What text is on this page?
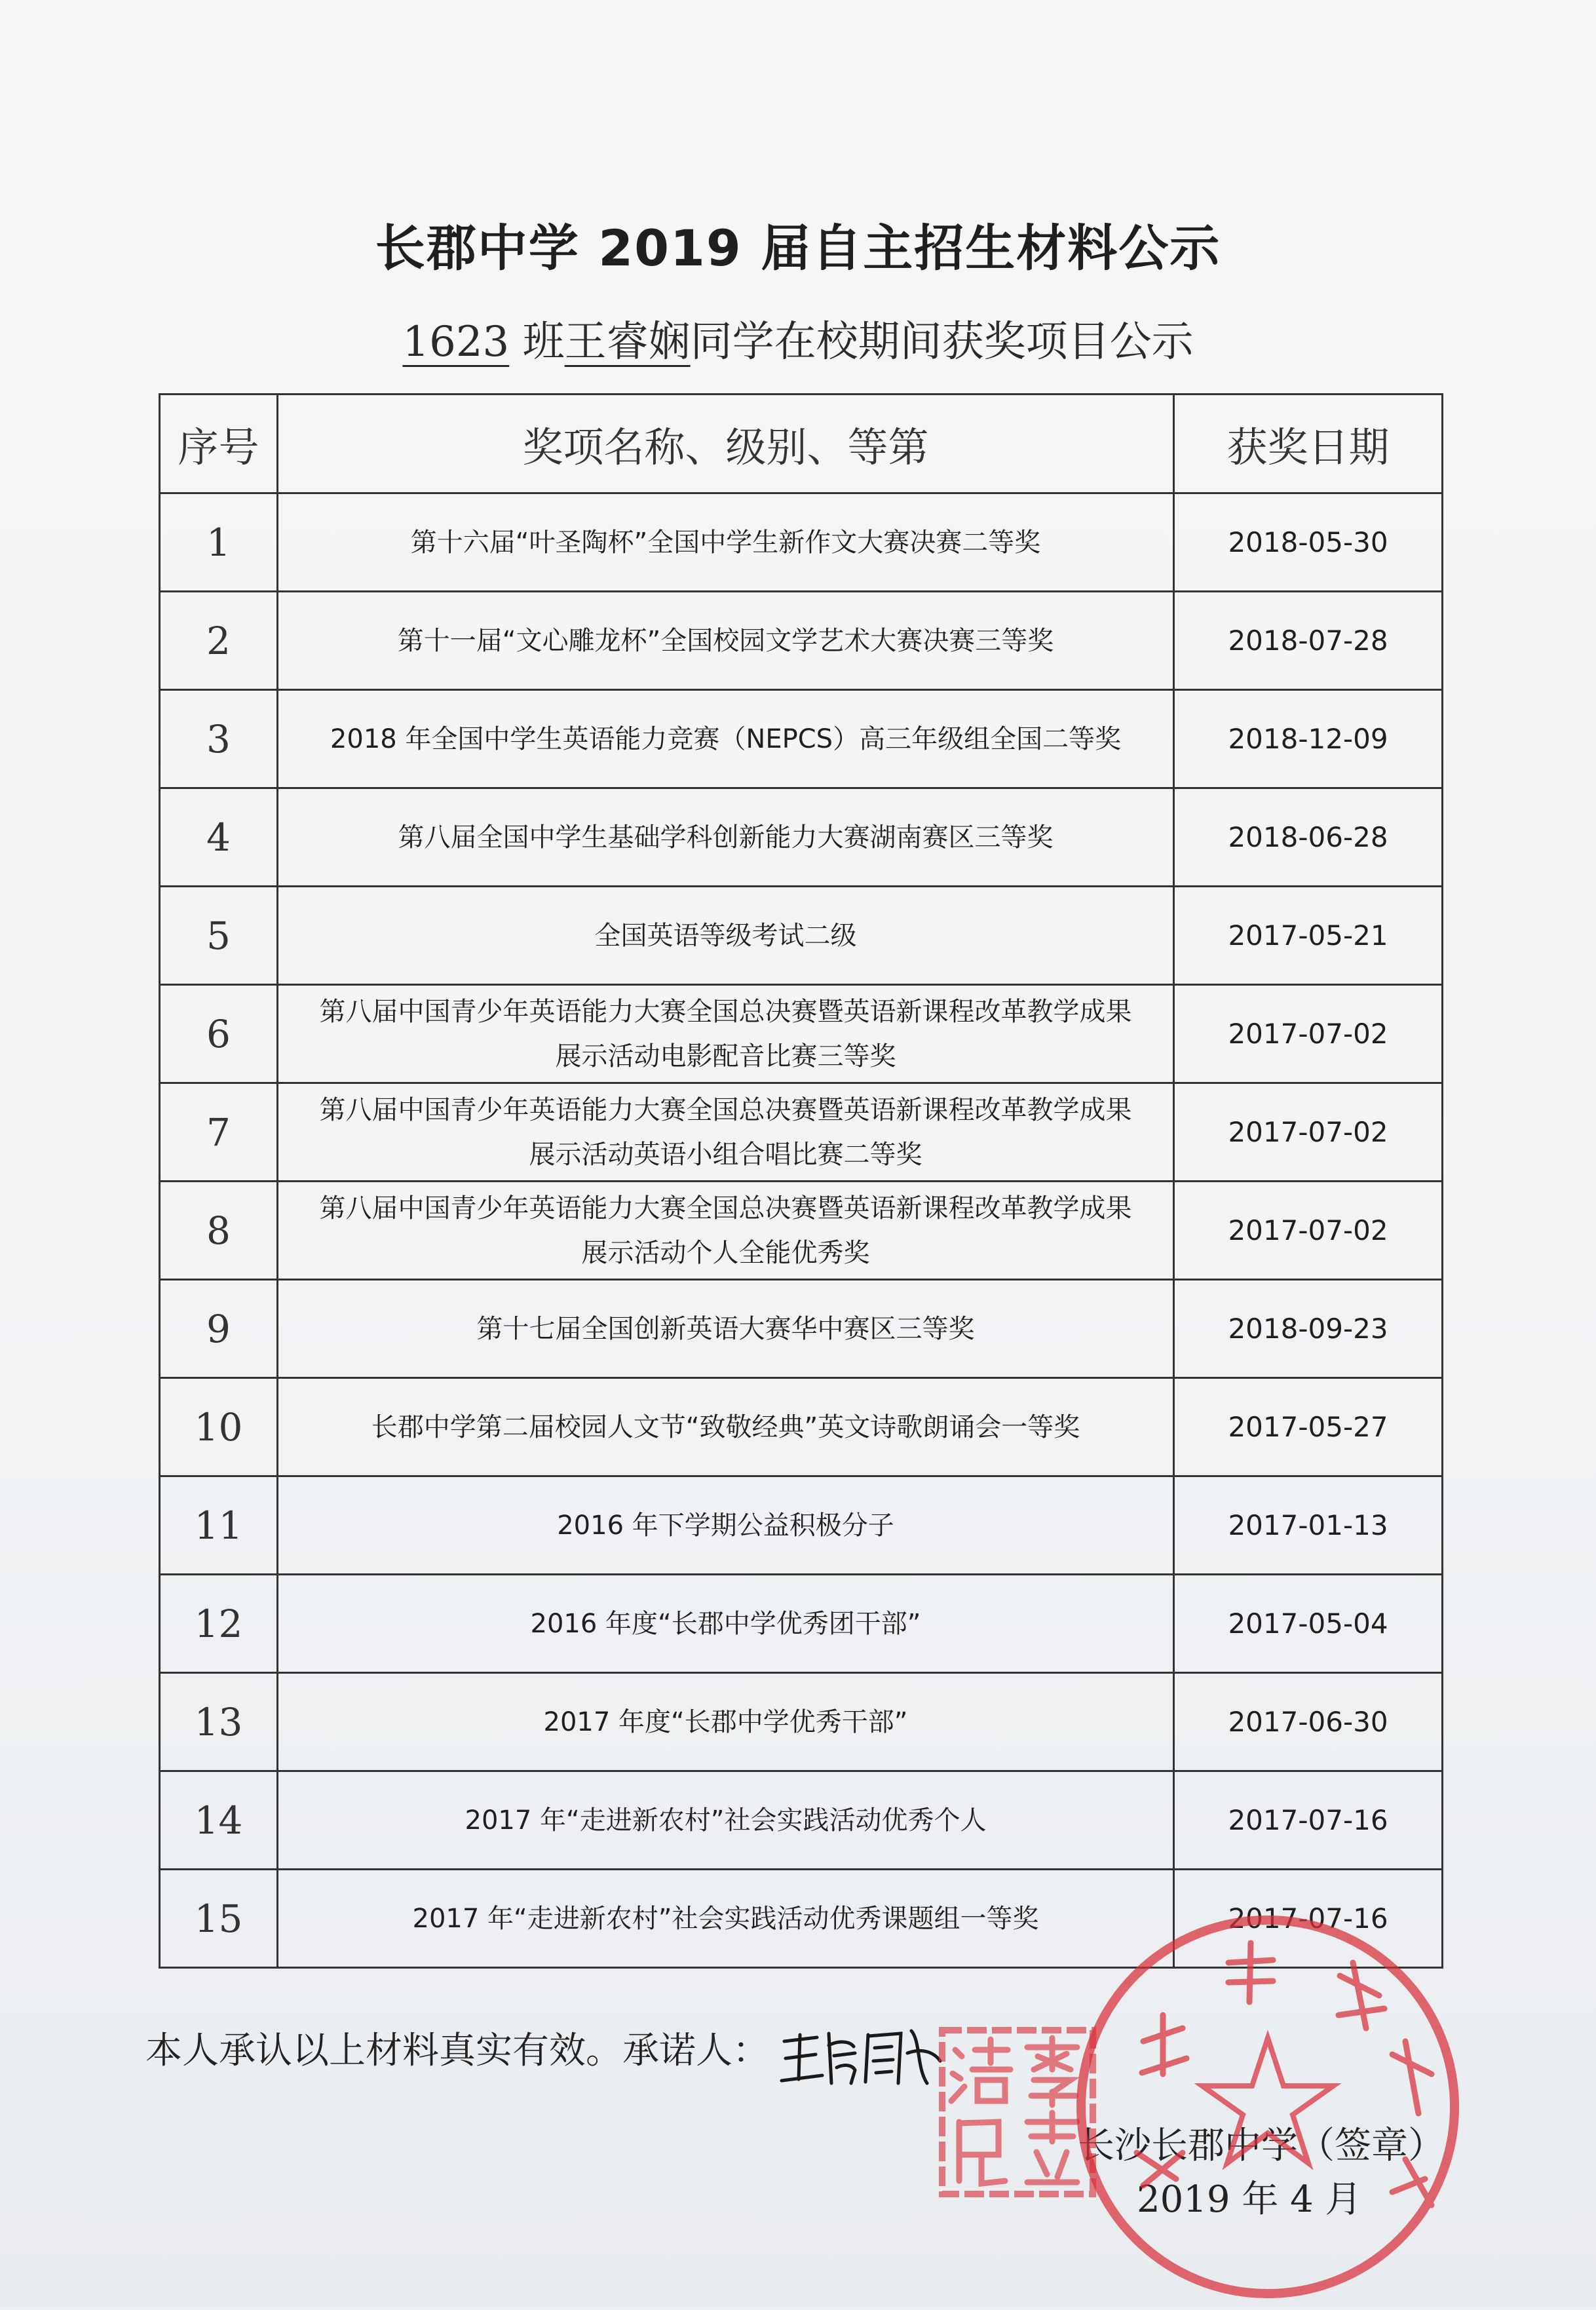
长郡中学 2019 届自主招生材料公示
1623 班王睿娴同学在校期间获奖项目公示
序号	奖项名称、级别、等第	获奖日期
1	第十六届“叶圣陶杯”全国中学生新作文大赛决赛二等奖	2018-05-30
2	第十一届“文心雕龙杯”全国校园文学艺术大赛决赛三等奖	2018-07-28
3	2018 年全国中学生英语能力竞赛（NEPCS）高三年级组全国二等奖	2018-12-09
4	第八届全国中学生基础学科创新能力大赛湖南赛区三等奖	2018-06-28
5	全国英语等级考试二级	2017-05-21
6	第八届中国青少年英语能力大赛全国总决赛暨英语新课程改革教学成果
展示活动电影配音比赛三等奖	2017-07-02
7	第八届中国青少年英语能力大赛全国总决赛暨英语新课程改革教学成果
展示活动英语小组合唱比赛二等奖	2017-07-02
8	第八届中国青少年英语能力大赛全国总决赛暨英语新课程改革教学成果
展示活动个人全能优秀奖	2017-07-02
9	第十七届全国创新英语大赛华中赛区三等奖	2018-09-23
10	长郡中学第二届校园人文节“致敬经典”英文诗歌朗诵会一等奖	2017-05-27
11	2016 年下学期公益积极分子	2017-01-13
12	2016 年度“长郡中学优秀团干部”	2017-05-04
13	2017 年度“长郡中学优秀干部”	2017-06-30
14	2017 年“走进新农村”社会实践活动优秀个人	2017-07-16
15	2017 年“走进新农村”社会实践活动优秀课题组一等奖	2017-07-16
本人承认以上材料真实有效。承诺人：
长沙长郡中学（签章）
2019 年 4 月
